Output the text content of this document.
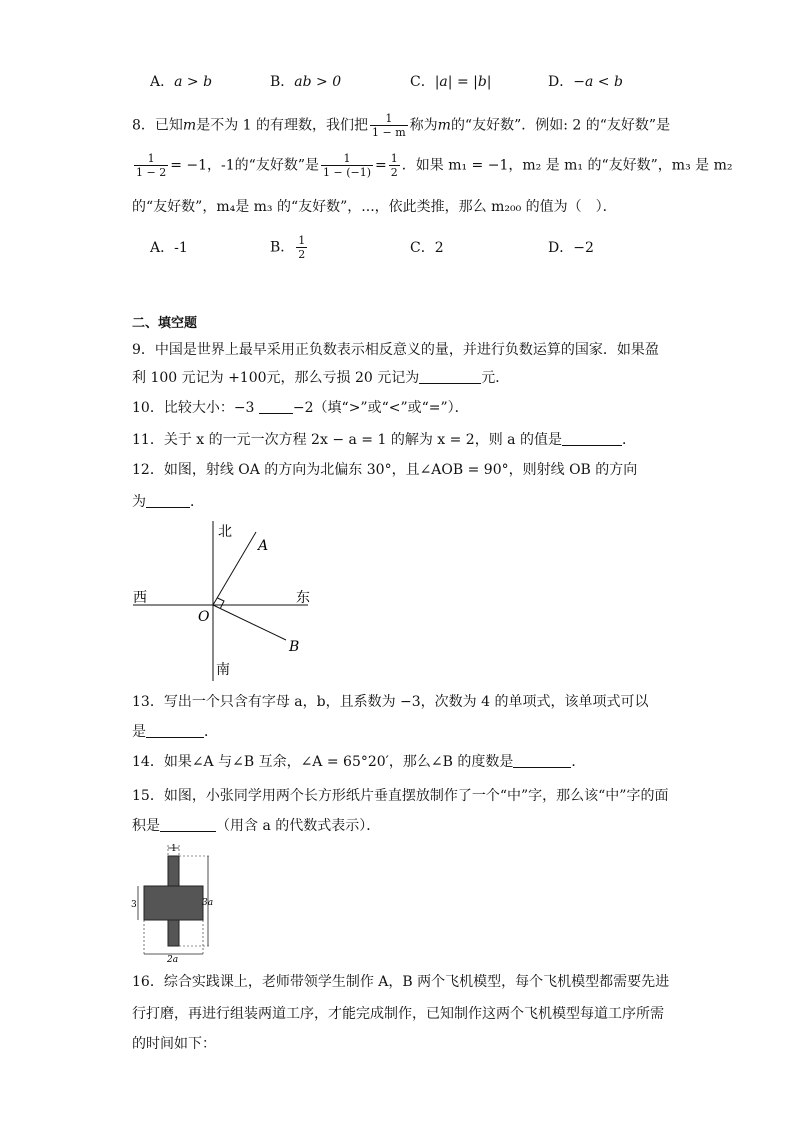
A．a > b	B．ab > 0	C．|a| = |b|	D．−a < b
8．已知m是不为 1 的有理数，我们把 $\frac{1}{1 - m}$ 称为m的“友好数”．例如: 2 的“友好数”是
$\frac{1}{1 - 2} = -1$，-1的“友好数”是 $\frac{1}{1 - (-1)} = \frac{1}{2}$ ．如果 m₁ = −1，m₂ 是 m₁ 的“友好数”，m₃ 是 m₂
的“友好数”，m₄是 m₃ 的“友好数”，...，依此类推，那么 m₂₀₀ 的值为（　）．
A．-1	B． $\frac{1}{2}$	C．2	D．−2
二、填空题
9．中国是世界上最早采用正负数表示相反意义的量，并进行负数运算的国家．如果盈
利 100 元记为 +100元，那么亏损 20 元记为	元．
10．比较大小：−3	−2（填“>”或“<”或“=”）．
11．关于 x 的一元一次方程 2x − a = 1 的解为 x = 2，则 a 的值是	．
12．如图，射线 OA 的方向为北偏东 30°，且∠AOB = 90°，则射线 OB 的方向
为	．
北
南
东
西
O
A
B
13．写出一个只含有字母 a，b，且系数为 −3，次数为 4 的单项式，该单项式可以
是	．
14．如果∠A 与∠B 互余，∠A = 65°20′，那么∠B 的度数是	．
15．如图，小张同学用两个长方形纸片垂直摆放制作了一个“中”字，那么该“中”字的面
积是	（用含 a 的代数式表示）．
1
3	3a
2a
16．综合实践课上，老师带领学生制作 A，B 两个飞机模型，每个飞机模型都需要先进
行打磨，再进行组装两道工序，才能完成制作，已知制作这两个飞机模型每道工序所需
的时间如下：
